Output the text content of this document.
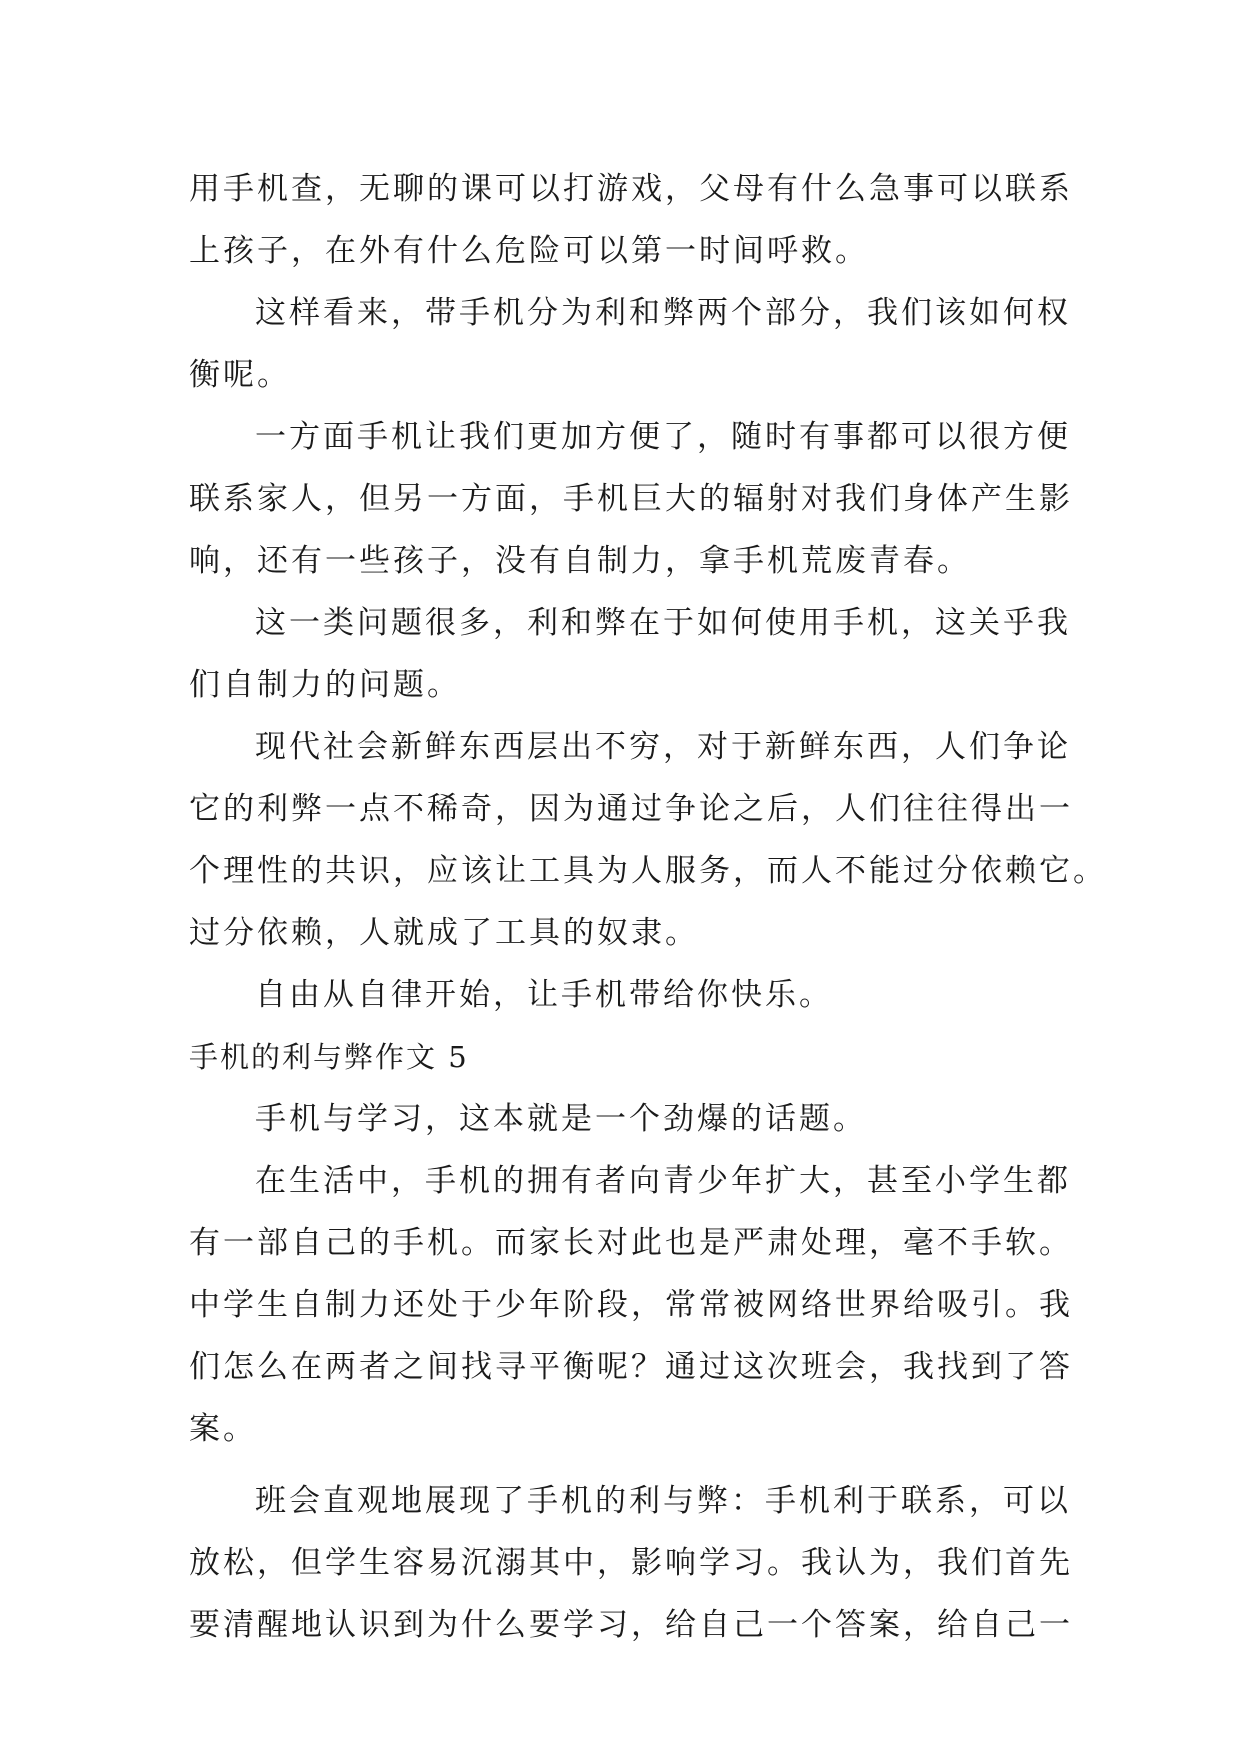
用手机查，无聊的课可以打游戏，父母有什么急事可以联系
上孩子，在外有什么危险可以第一时间呼救。
这样看来，带手机分为利和弊两个部分，我们该如何权
衡呢。
一方面手机让我们更加方便了，随时有事都可以很方便
联系家人，但另一方面，手机巨大的辐射对我们身体产生影
响，还有一些孩子，没有自制力，拿手机荒废青春。
这一类问题很多，利和弊在于如何使用手机，这关乎我
们自制力的问题。
现代社会新鲜东西层出不穷，对于新鲜东西，人们争论
它的利弊一点不稀奇，因为通过争论之后，人们往往得出一
个理性的共识，应该让工具为人服务，而人不能过分依赖它。
过分依赖，人就成了工具的奴隶。
自由从自律开始，让手机带给你快乐。
手机的利与弊作文 5
手机与学习，这本就是一个劲爆的话题。
在生活中，手机的拥有者向青少年扩大，甚至小学生都
有一部自己的手机。而家长对此也是严肃处理，毫不手软。
中学生自制力还处于少年阶段，常常被网络世界给吸引。我
们怎么在两者之间找寻平衡呢？通过这次班会，我找到了答
案。
班会直观地展现了手机的利与弊：手机利于联系，可以
放松，但学生容易沉溺其中，影响学习。我认为，我们首先
要清醒地认识到为什么要学习，给自己一个答案，给自己一
